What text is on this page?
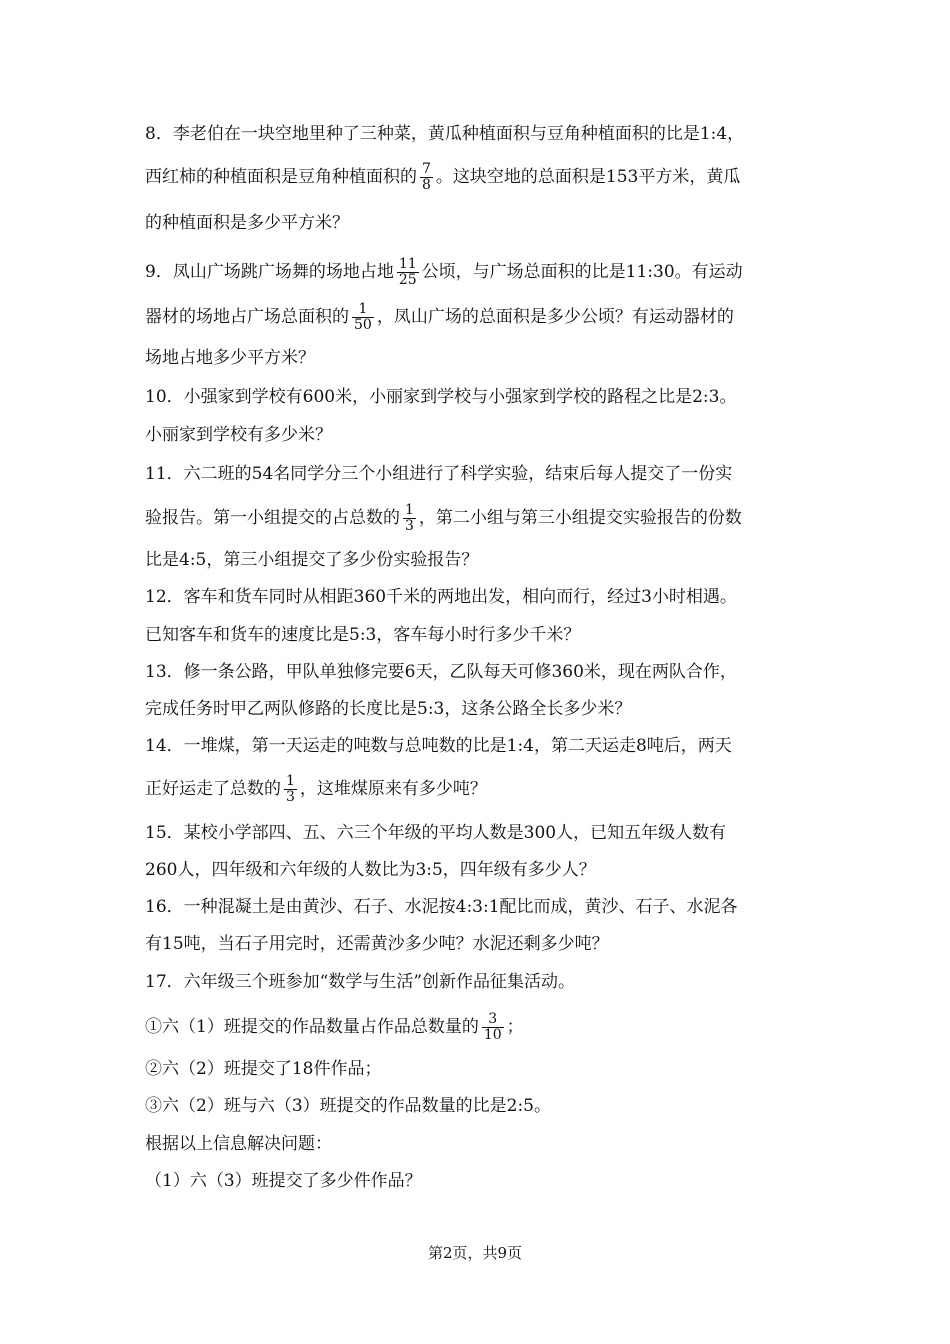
8．李老伯在一块空地里种了三种菜，黄瓜种植面积与豆角种植面积的比是1:4，
西红柿的种植面积是豆角种植面积的 $\frac{7}{8}$ 。这块空地的总面积是153平方米，黄瓜
的种植面积是多少平方米？
9．凤山广场跳广场舞的场地占地 $\frac{11}{25}$ 公顷，与广场总面积的比是11:30。有运动
器材的场地占广场总面积的 $\frac{1}{50}$ ，凤山广场的总面积是多少公顷？有运动器材的
场地占地多少平方米？
10．小强家到学校有600米，小丽家到学校与小强家到学校的路程之比是2:3。
小丽家到学校有多少米？
11．六二班的54名同学分三个小组进行了科学实验，结束后每人提交了一份实
验报告。第一小组提交的占总数的 $\frac{1}{3}$ ，第二小组与第三小组提交实验报告的份数
比是4:5，第三小组提交了多少份实验报告？
12．客车和货车同时从相距360千米的两地出发，相向而行，经过3小时相遇。
已知客车和货车的速度比是5:3，客车每小时行多少千米？
13．修一条公路，甲队单独修完要6天，乙队每天可修360米，现在两队合作，
完成任务时甲乙两队修路的长度比是5:3，这条公路全长多少米？
14．一堆煤，第一天运走的吨数与总吨数的比是1:4，第二天运走8吨后，两天
正好运走了总数的 $\frac{1}{3}$ ，这堆煤原来有多少吨？
15．某校小学部四、五、六三个年级的平均人数是300人，已知五年级人数有
260人，四年级和六年级的人数比为3:5，四年级有多少人？
16．一种混凝土是由黄沙、石子、水泥按4:3:1配比而成，黄沙、石子、水泥各
有15吨，当石子用完时，还需黄沙多少吨？水泥还剩多少吨？
17．六年级三个班参加“数学与生活”创新作品征集活动。
①六（1）班提交的作品数量占作品总数量的 $\frac{3}{10}$ ；
②六（2）班提交了18件作品；
③六（2）班与六（3）班提交的作品数量的比是2:5。
根据以上信息解决问题：
（1）六（3）班提交了多少件作品？
第2页，共9页
